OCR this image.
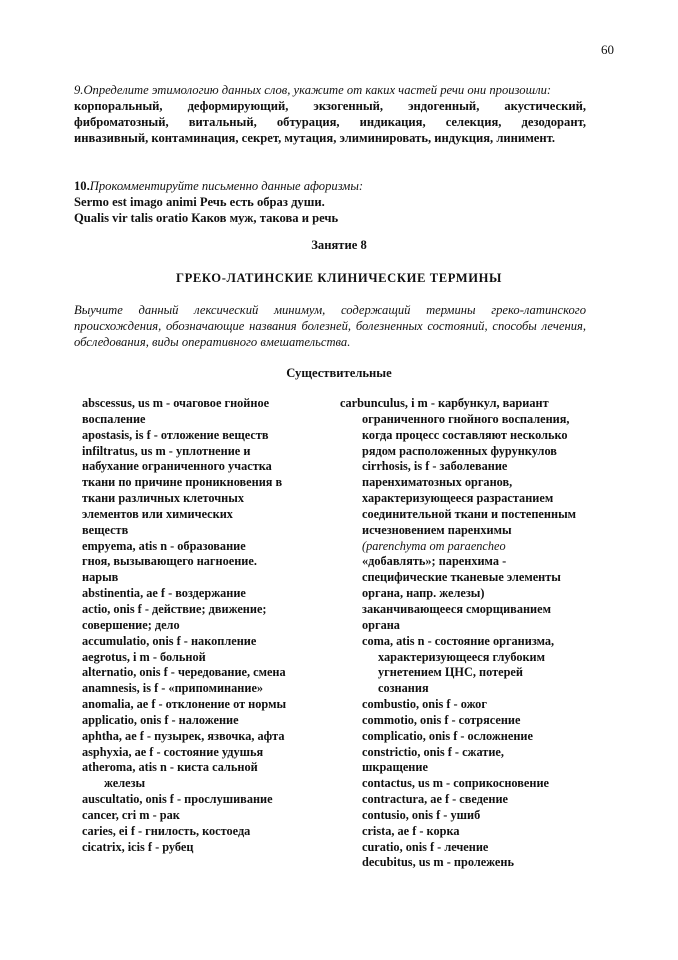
60
9.Определите этимологию данных слов, укажите от каких частей речи они произошли:
корпоральный, деформирующий, экзогенный, эндогенный, акустический,
фиброматозный, витальный, обтурация, индикация, селекция, дезодорант,
инвазивный, контаминация, секрет, мутация, элиминировать, индукция, линимент.
10.Прокомментируйте письменно данные афоризмы:
Sermo est imago animi Речь есть образ души.
Qualis vir talis oratio Каков муж, такова и речь
Занятие 8
ГРЕКО-ЛАТИНСКИЕ КЛИНИЧЕСКИЕ ТЕРМИНЫ
Выучите данный лексический минимум, содержащий термины греко-латинского происхождения, обозначающие названия болезней, болезненных состояний, способы лечения, обследования, виды оперативного вмешательства.
Существительные
abscessus, us m - очаговое гнойное
воспаление
apostasis, is f - отложение веществ
infiltratus, us m - уплотнение и
набухание ограниченного участка
ткани по причине проникновения в
ткани различных клеточных
элементов или химических
веществ
empyema, atis n - образование
гноя, вызывающего нагноение.
нарыв
abstinentia, ae f - воздержание
actio, onis f - действие; движение;
совершение; дело
accumulatio, onis f - накопление
aegrotus, i m - больной
alternatio, onis f - чередование, смена
anamnesis, is f - «припоминание»
anomalia, ae f - отклонение от нормы
applicatio, onis f - наложение
aphtha, ae f - пузырек, язвочка, афта
asphyxia, ae f - состояние удушья
atheroma, atis n - киста сальной
железы
auscultatio, onis f - прослушивание
cancer, cri m - рак
caries, ei f - гнилость, костоеда
cicatrix, icis f - рубец
carbunculus, i m - карбункул, вариант
ограниченного гнойного воспаления,
когда процесс составляют несколько
рядом расположенных фурункулов
cirrhosis, is f - заболевание
паренхиматозных органов,
характеризующееся разрастанием
соединительной ткани и постепенным
исчезновением паренхимы
(parenchyma от paraencheo
«добавлять»; паренхима -
специфические тканевые элементы
органа, напр. железы)
заканчивающееся сморщиванием
органа
coma, atis n - состояние организма,
характеризующееся глубоким
угнетением ЦНС, потерей
сознания
combustio, onis f - ожог
commotio, onis f - сотрясение
complicatio, onis f - осложнение
constrictio, onis f - сжатие,
шкращение
contactus, us m - соприкосновение
contractura, ae f - сведение
contusio, onis f - ушиб
crista, ae f - корка
curatio, onis f - лечение
decubitus, us m - пролежень
